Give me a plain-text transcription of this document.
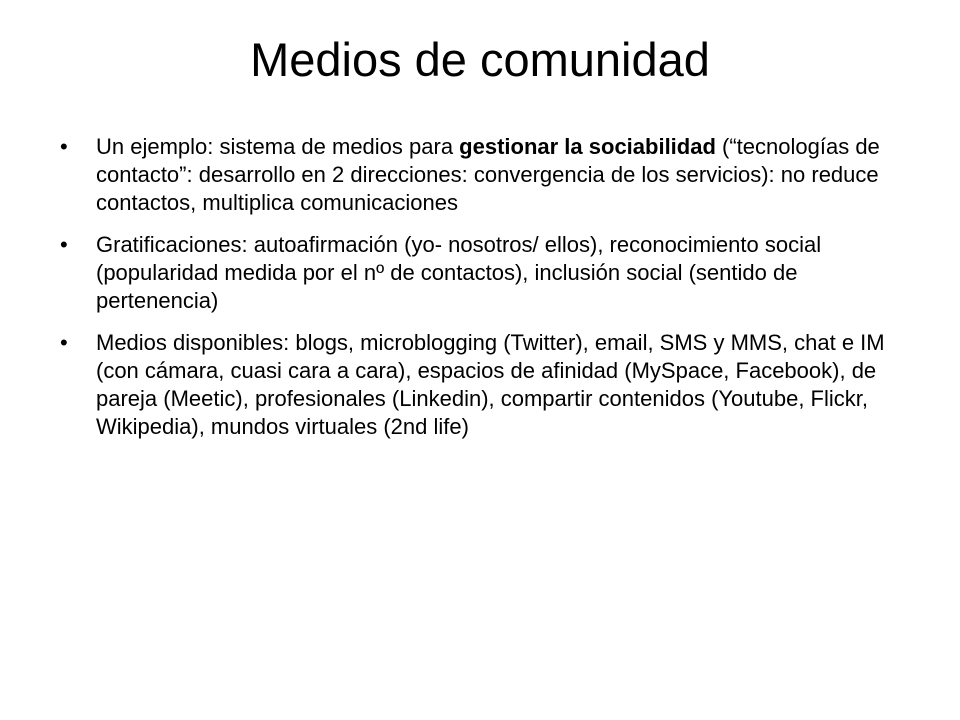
Medios de comunidad
•	Un ejemplo: sistema de medios para gestionar la sociabilidad (“tecnologías de contacto”: desarrollo en 2 direcciones: convergencia de los servicios): no reduce contactos, multiplica comunicaciones
•	Gratificaciones: autoafirmación (yo- nosotros/ ellos), reconocimiento social (popularidad medida por el nº de contactos), inclusión social (sentido de pertenencia)
•	Medios disponibles: blogs, microblogging (Twitter), email, SMS y MMS, chat e IM (con cámara, cuasi cara a cara), espacios de afinidad (MySpace, Facebook), de pareja (Meetic), profesionales (Linkedin), compartir contenidos (Youtube, Flickr, Wikipedia), mundos virtuales (2nd life)
